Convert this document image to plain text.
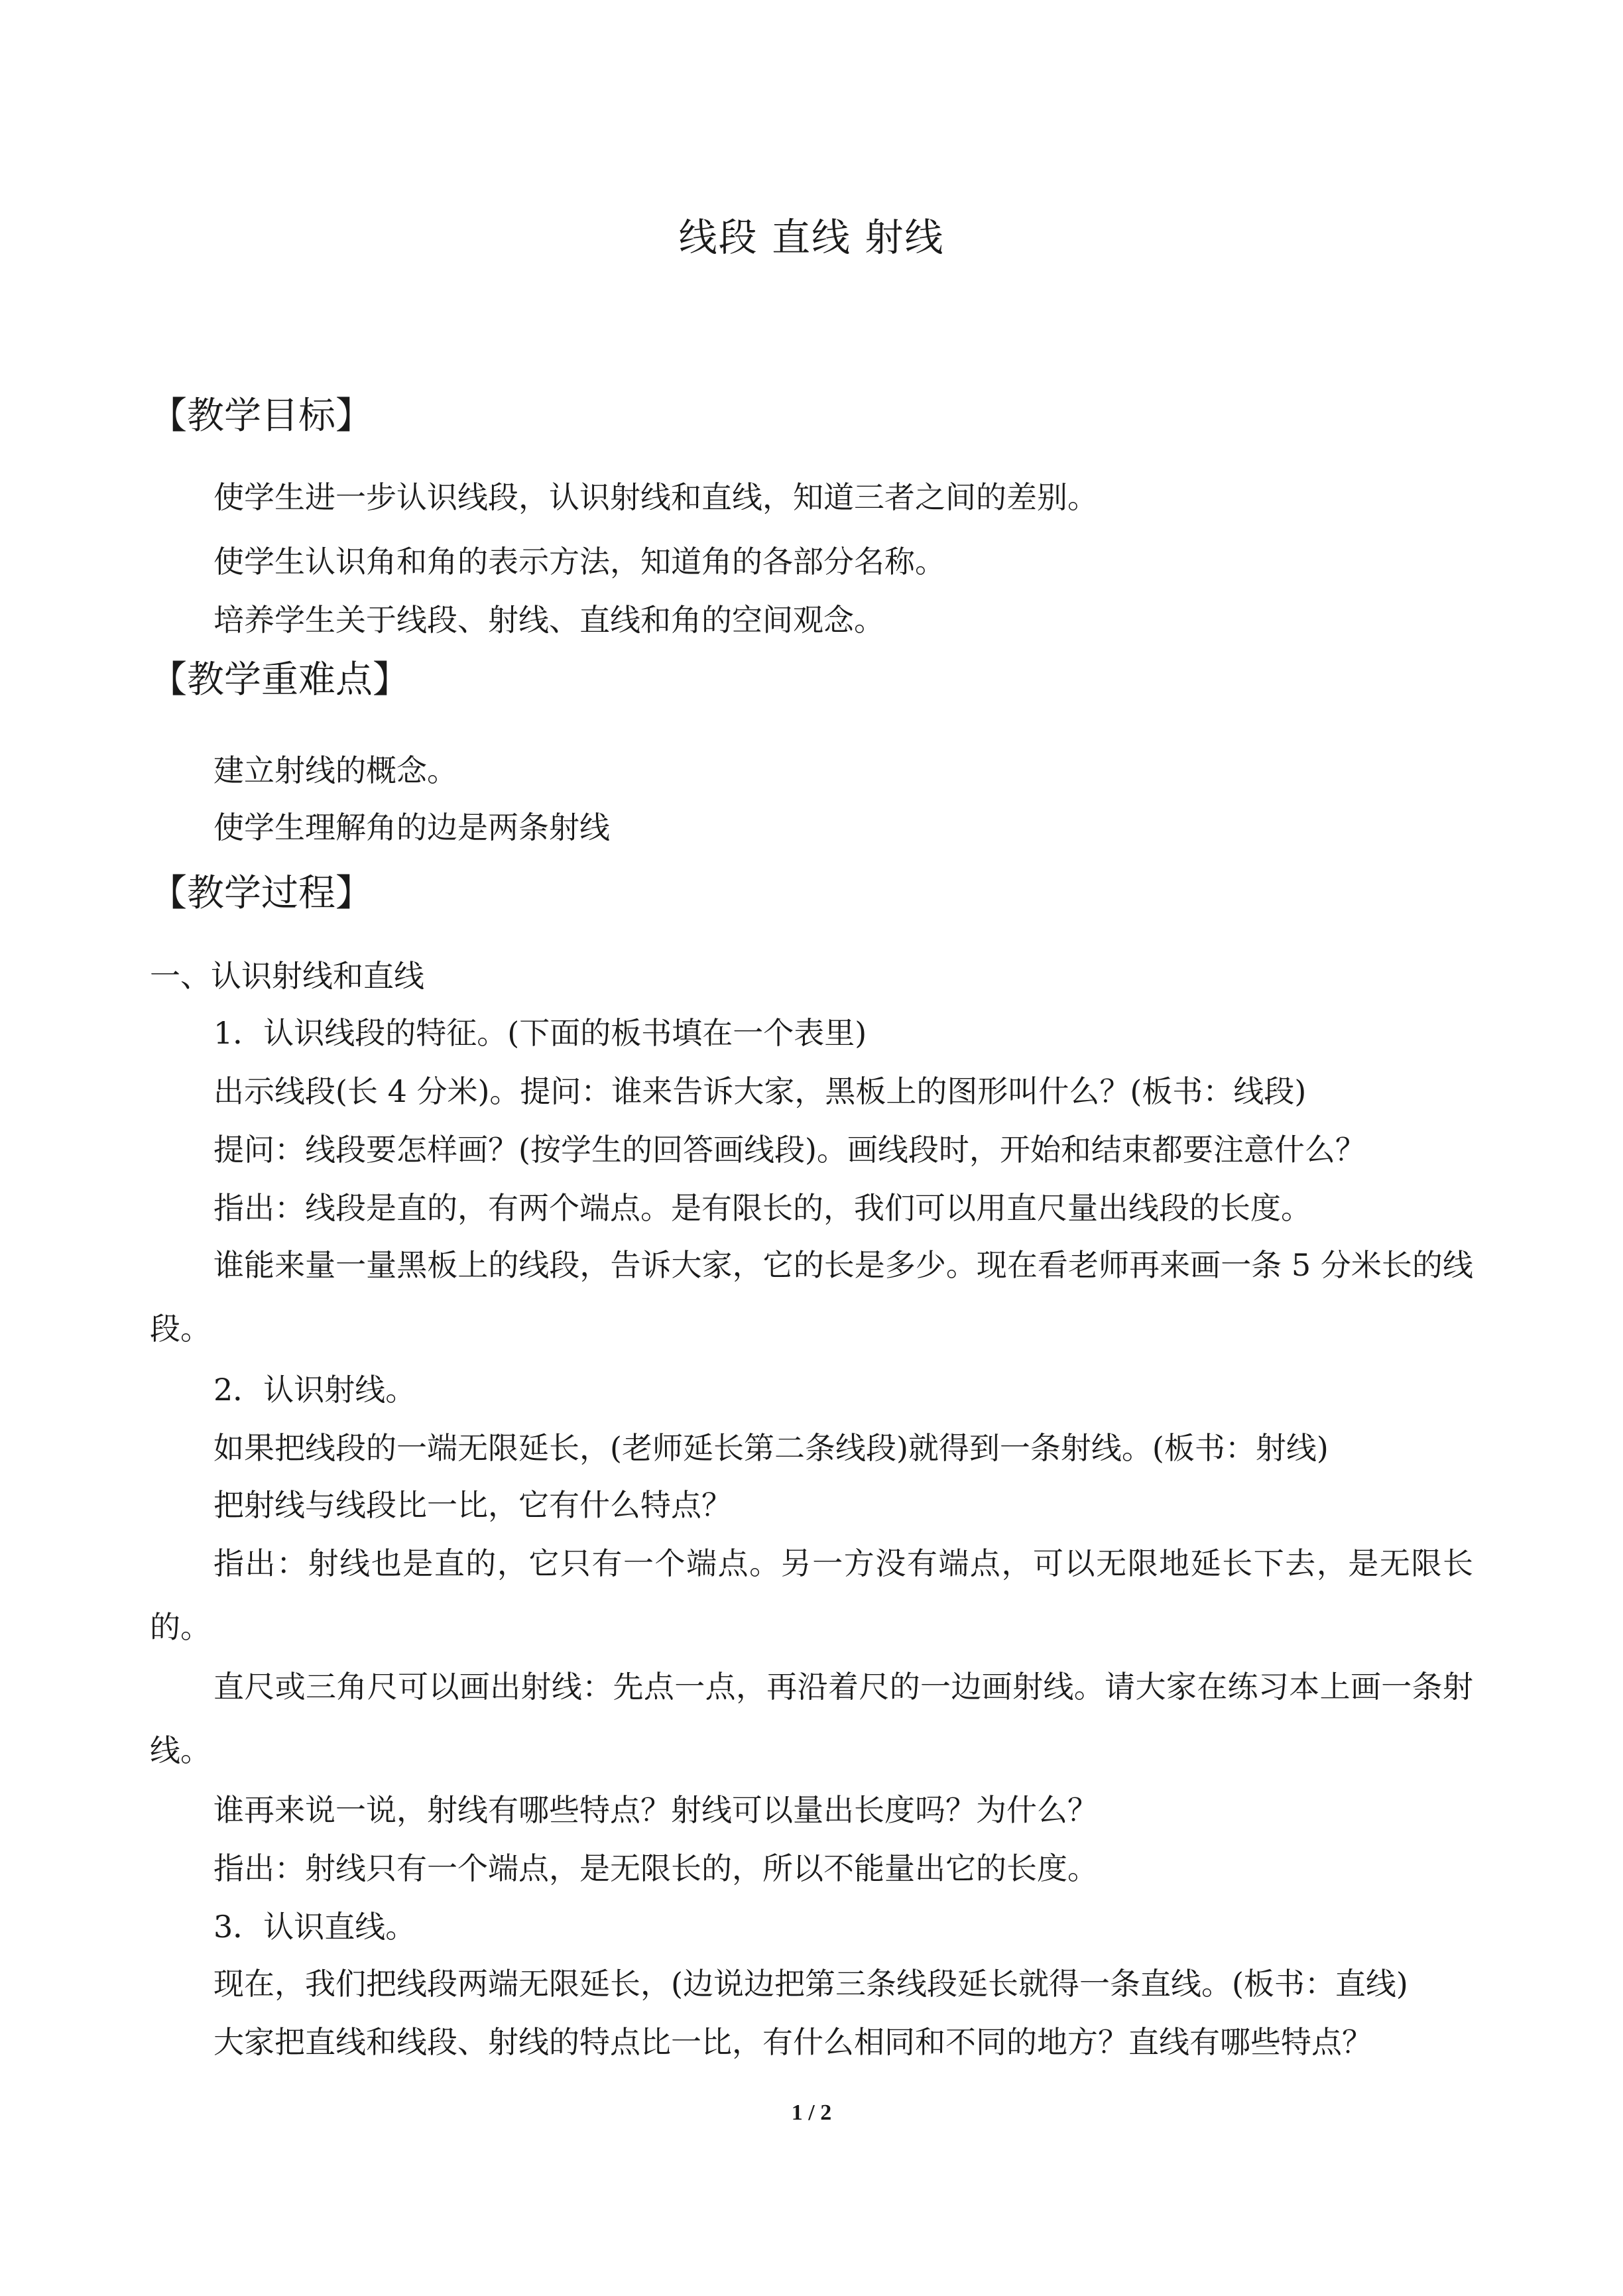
线段 直线 射线
【教学目标】

使学生进一步认识线段，认识射线和直线，知道三者之间的差别。

使学生认识角和角的表示方法，知道角的各部分名称。

培养学生关于线段、射线、直线和角的空间观念。

【教学重难点】

建立射线的概念。

使学生理解角的边是两条射线

【教学过程】

一、认识射线和直线

1．认识线段的特征。(下面的板书填在一个表里)

出示线段(长 4 分米)。提问：谁来告诉大家，黑板上的图形叫什么？(板书：线段)

提问：线段要怎样画？(按学生的回答画线段)。画线段时，开始和结束都要注意什么？

指出：线段是直的，有两个端点。是有限长的，我们可以用直尺量出线段的长度。

谁能来量一量黑板上的线段，告诉大家，它的长是多少。现在看老师再来画一条 5 分米长的线段。

2．认识射线。

如果把线段的一端无限延长，(老师延长第二条线段)就得到一条射线。(板书：射线)

把射线与线段比一比，它有什么特点？

指出：射线也是直的，它只有一个端点。另一方没有端点，可以无限地延长下去，是无限长的。

直尺或三角尺可以画出射线：先点一点，再沿着尺的一边画射线。请大家在练习本上画一条射线。

谁再来说一说，射线有哪些特点？射线可以量出长度吗？为什么？

指出：射线只有一个端点，是无限长的，所以不能量出它的长度。

3．认识直线。

现在，我们把线段两端无限延长，(边说边把第三条线段延长就得一条直线。(板书：直线)

大家把直线和线段、射线的特点比一比，有什么相同和不同的地方？直线有哪些特点？

1 / 2
